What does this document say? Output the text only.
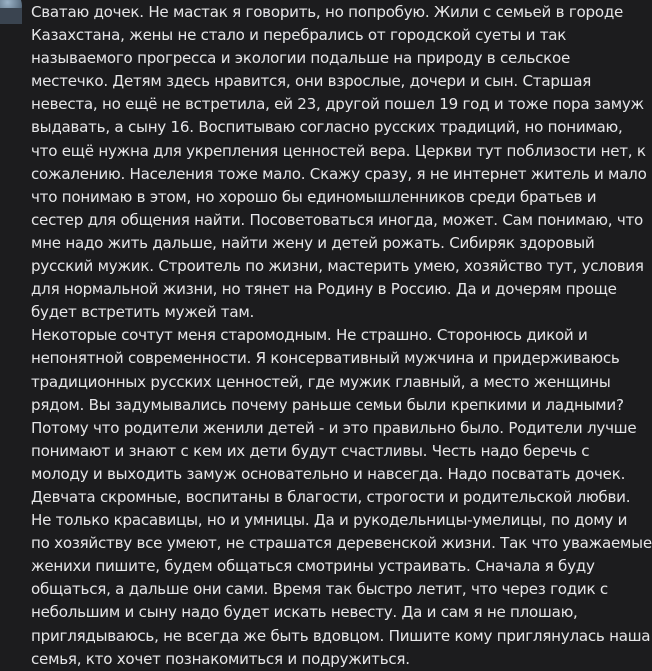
Сватаю дочек. Не мастак я говорить, но попробую. Жили с семьей в городе
Казахстана, жены не стало и перебрались от городской суеты и так
называемого прогресса и экологии подальше на природу в сельское
местечко. Детям здесь нравится, они взрослые, дочери и сын. Старшая
невеста, но ещё не встретила, ей 23, другой пошел 19 год и тоже пора замуж
выдавать, а сыну 16. Воспитываю согласно русских традиций, но понимаю,
что ещё нужна для укрепления ценностей вера. Церкви тут поблизости нет, к
сожалению. Населения тоже мало. Скажу сразу, я не интернет житель и мало
что понимаю в этом, но хорошо бы единомышленников среди братьев и
сестер для общения найти. Посоветоваться иногда, может. Сам понимаю, что
мне надо жить дальше, найти жену и детей рожать. Сибиряк здоровый
русский мужик. Строитель по жизни, мастерить умею, хозяйство тут, условия
для нормальной жизни, но тянет на Родину в Россию. Да и дочерям проще
будет встретить мужей там.
Некоторые сочтут меня старомодным. Не страшно. Сторонюсь дикой и
непонятной современности. Я консервативный мужчина и придерживаюсь
традиционных русских ценностей, где мужик главный, а место женщины
рядом. Вы задумывались почему раньше семьи были крепкими и ладными?
Потому что родители женили детей - и это правильно было. Родители лучше
понимают и знают с кем их дети будут счастливы. Честь надо беречь с
молоду и выходить замуж основательно и навсегда. Надо посватать дочек.
Девчата скромные, воспитаны в благости, строгости и родительской любви.
Не только красавицы, но и умницы. Да и рукодельницы-умелицы, по дому и
по хозяйству все умеют, не страшатся деревенской жизни. Так что уважаемые
женихи пишите, будем общаться смотрины устраивать. Сначала я буду
общаться, а дальше они сами. Время так быстро летит, что через годик с
небольшим и сыну надо будет искать невесту. Да и сам я не плошаю,
приглядываюсь, не всегда же быть вдовцом. Пишите кому приглянулась наша
семья, кто хочет познакомиться и подружиться.
